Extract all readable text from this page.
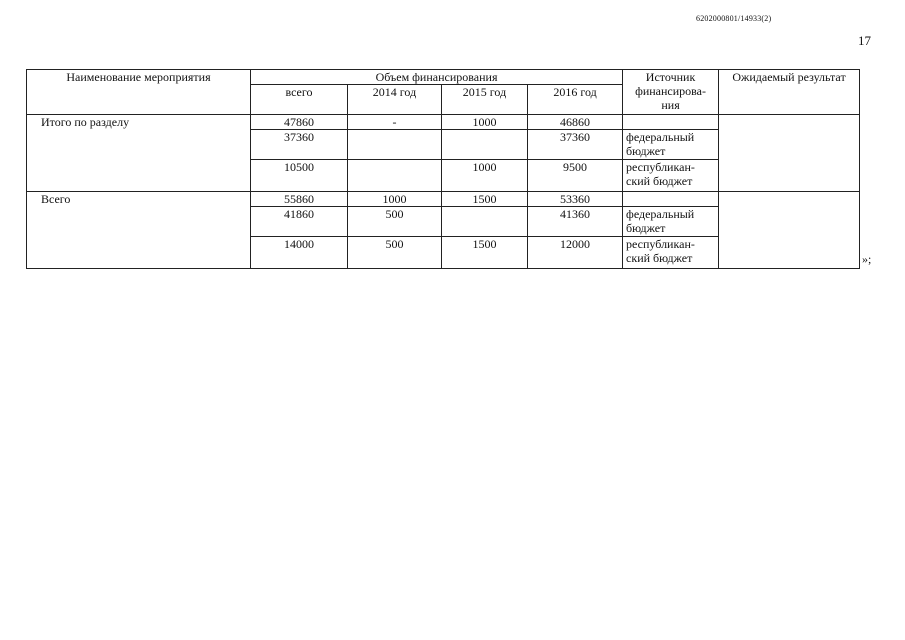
6202000801/14933(2)
17
Наименование мероприятия	Объем финансирования				Источник финансирова-ния	Ожидаемый результат
	всего	2014 год	2015 год	2016 год		
Итого по разделу	47860	-	1000	46860		
	37360			37360	федеральный бюджет	
	10500		1000	9500	республикан-ский бюджет	
Всего	55860	1000	1500	53360		
	41860	500		41360	федеральный бюджет	
	14000	500	1500	12000	республикан-ский бюджет		»;
